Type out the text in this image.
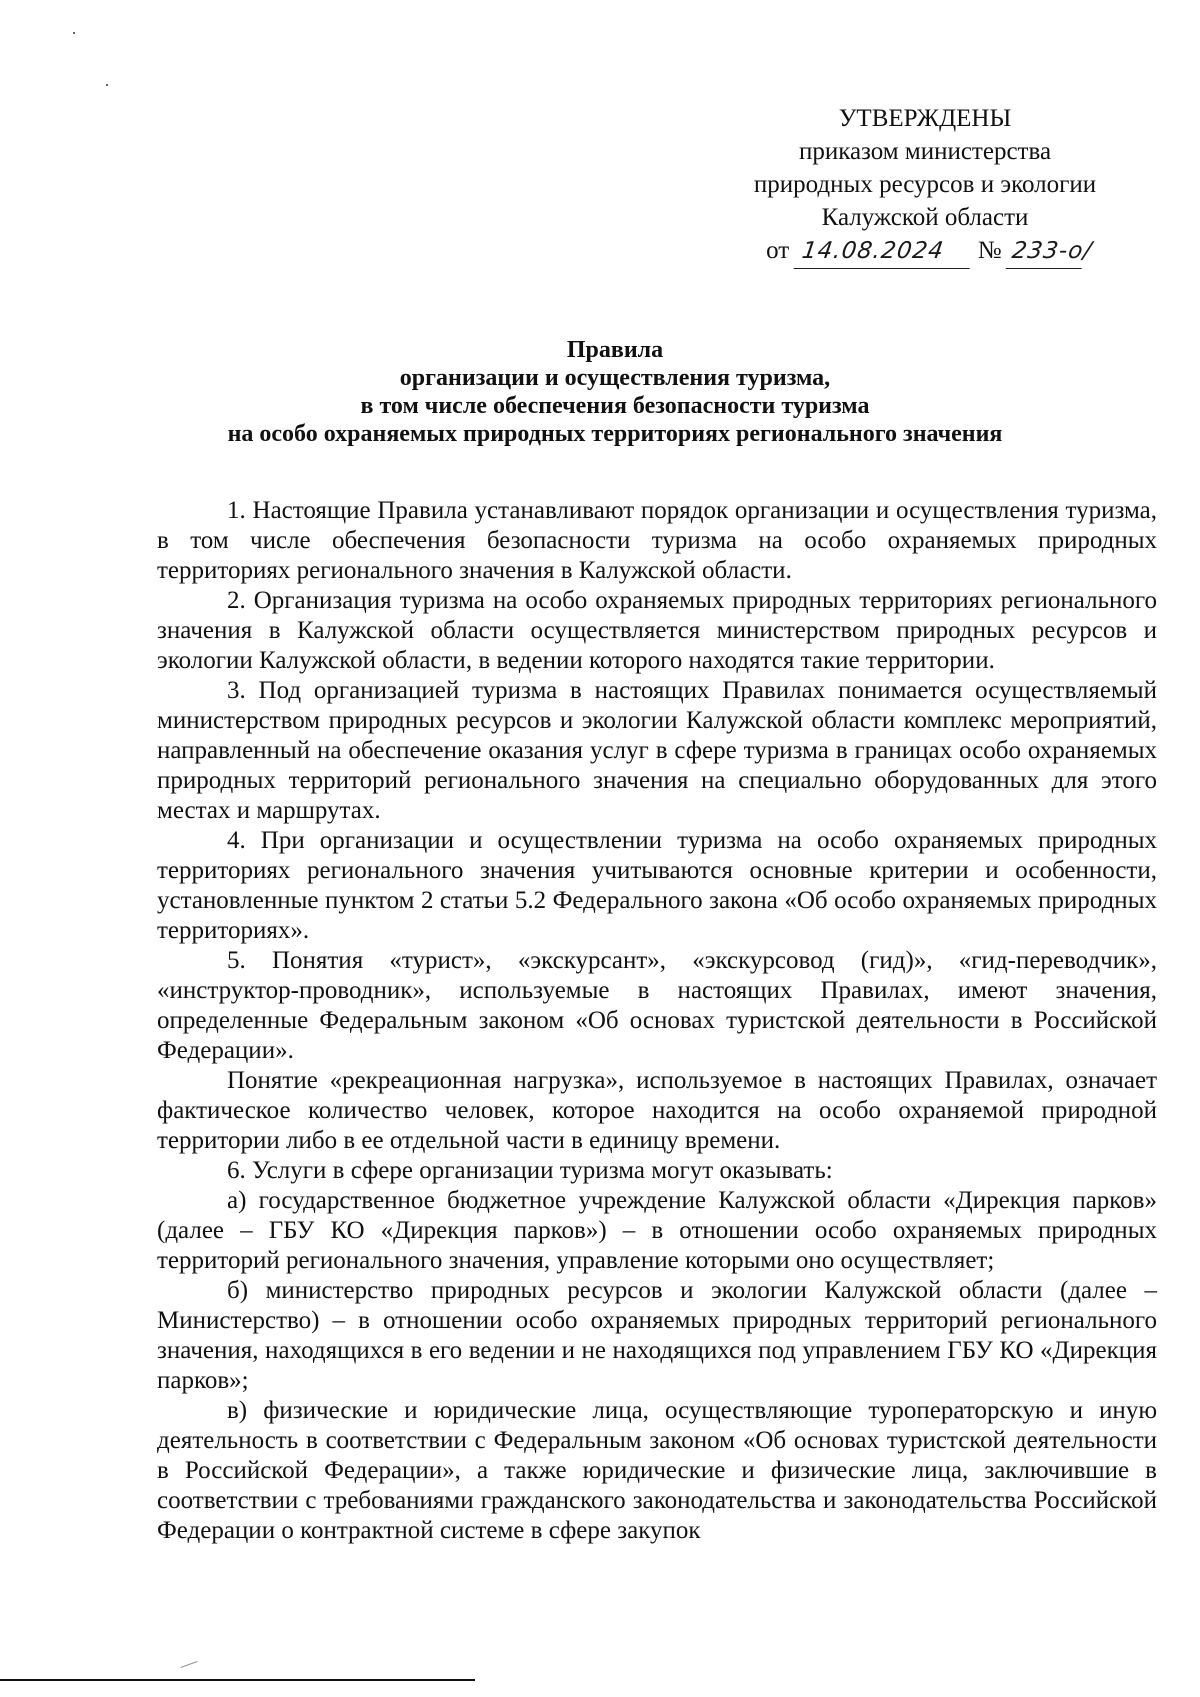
УТВЕРЖДЕНЫ
приказом министерства
природных ресурсов и экологии
Калужской области
от 14.08.2024 № 233-о/
Правила
организации и осуществления туризма,
в том числе обеспечения безопасности туризма
на особо охраняемых природных территориях регионального значения

1. Настоящие Правила устанавливают порядок организации и осуществления туризма, в том числе обеспечения безопасности туризма на особо охраняемых природных территориях регионального значения в Калужской области.

2. Организация туризма на особо охраняемых природных территориях регионального значения в Калужской области осуществляется министерством природных ресурсов и экологии Калужской области, в ведении которого находятся такие территории.

3. Под организацией туризма в настоящих Правилах понимается осуществляемый министерством природных ресурсов и экологии Калужской области комплекс мероприятий, направленный на обеспечение оказания услуг в сфере туризма в границах особо охраняемых природных территорий регионального значения на специально оборудованных для этого местах и маршрутах.

4. При организации и осуществлении туризма на особо охраняемых природных территориях регионального значения учитываются основные критерии и особенности, установленные пунктом 2 статьи 5.2 Федерального закона «Об особо охраняемых природных территориях».

5. Понятия «турист», «экскурсант», «экскурсовод (гид)», «гид-переводчик», «инструктор-проводник», используемые в настоящих Правилах, имеют значения, определенные Федеральным законом «Об основах туристской деятельности в Российской Федерации».

Понятие «рекреационная нагрузка», используемое в настоящих Правилах, означает фактическое количество человек, которое находится на особо охраняемой природной территории либо в ее отдельной части в единицу времени.

6. Услуги в сфере организации туризма могут оказывать:

а) государственное бюджетное учреждение Калужской области «Дирекция парков» (далее – ГБУ КО «Дирекция парков») – в отношении особо охраняемых природных территорий регионального значения, управление которыми оно осуществляет;

б) министерство природных ресурсов и экологии Калужской области (далее – Министерство) – в отношении особо охраняемых природных территорий регионального значения, находящихся в его ведении и не находящихся под управлением ГБУ КО «Дирекция парков»;

в) физические и юридические лица, осуществляющие туроператорскую и иную деятельность в соответствии с Федеральным законом «Об основах туристской деятельности в Российской Федерации», а также юридические и физические лица, заключившие в соответствии с требованиями гражданского законодательства и законодательства Российской Федерации о контрактной системе в сфере закупок
